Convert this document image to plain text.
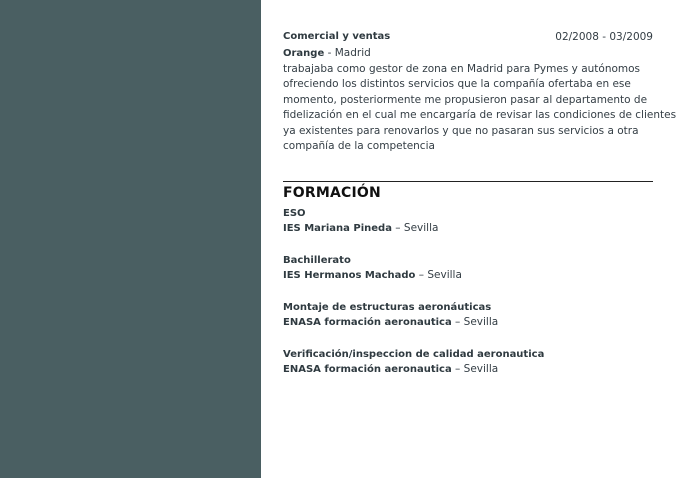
Comercial y ventas	02/2008 - 03/2009
Orange - Madrid
trabajaba como gestor de zona en Madrid para Pymes y autónomos
ofreciendo los distintos servicios que la compañía ofertaba en ese
momento, posteriormente me propusieron pasar al departamento de
fidelización en el cual me encargaría de revisar las condiciones de clientes
ya existentes para renovarlos y que no pasaran sus servicios a otra
compañía de la competencia
FORMACIÓN
ESO
IES Mariana Pineda – Sevilla
Bachillerato
IES Hermanos Machado – Sevilla
Montaje de estructuras aeronáuticas
ENASA formación aeronautica – Sevilla
Verificación/inspeccion de calidad aeronautica
ENASA formación aeronautica – Sevilla
